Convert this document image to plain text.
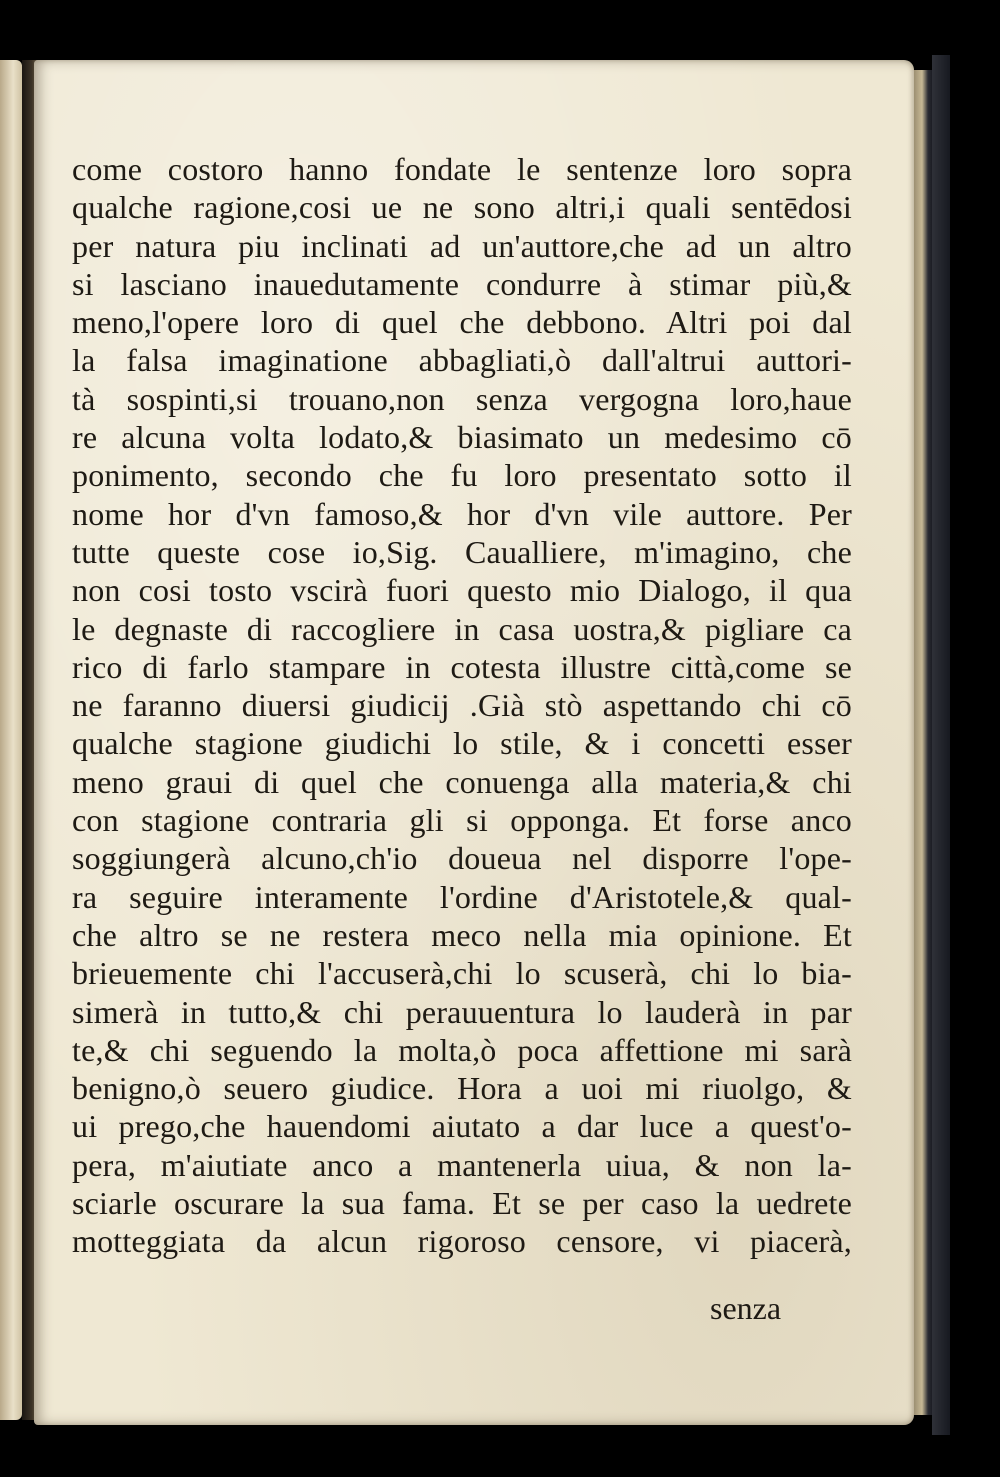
come costoro hanno fondate le sentenze loro sopra
qualche ragione,cosi ue ne sono altri,i quali sentēdosi
per natura piu inclinati ad un'auttore,che ad un altro
si lasciano inauedutamente condurre à stimar più,&
meno,l'opere loro di quel che debbono. Altri poi dal
la falsa imaginatione abbagliati,ò dall'altrui auttori-
tà sospinti,si trouano,non senza vergogna loro,haue
re alcuna volta lodato,& biasimato un medesimo cō
ponimento, secondo che fu loro presentato sotto il
nome hor d'vn famoso,& hor d'vn vile auttore. Per
tutte queste cose io,Sig. Caualliere, m'imagino, che
non cosi tosto vscirà fuori questo mio Dialogo, il qua
le degnaste di raccogliere in casa uostra,& pigliare ca
rico di farlo stampare in cotesta illustre città,come se
ne faranno diuersi giudicij .Già stò aspettando chi cō
qualche stagione giudichi lo stile, & i concetti esser
meno graui di quel che conuenga alla materia,& chi
con stagione contraria gli si opponga. Et forse anco
soggiungerà alcuno,ch'io doueua nel disporre l'ope-
ra seguire interamente l'ordine d'Aristotele,& qual-
che altro se ne restera meco nella mia opinione. Et
brieuemente chi l'accuserà,chi lo scuserà, chi lo bia-
simerà in tutto,& chi perauuentura lo lauderà in par
te,& chi seguendo la molta,ò poca affettione mi sarà
benigno,ò seuero giudice. Hora a uoi mi riuolgo, &
ui prego,che hauendomi aiutato a dar luce a quest'o-
pera, m'aiutiate anco a mantenerla uiua, & non la-
sciarle oscurare la sua fama. Et se per caso la uedrete
motteggiata da alcun rigoroso censore, vi piacerà,
senza
